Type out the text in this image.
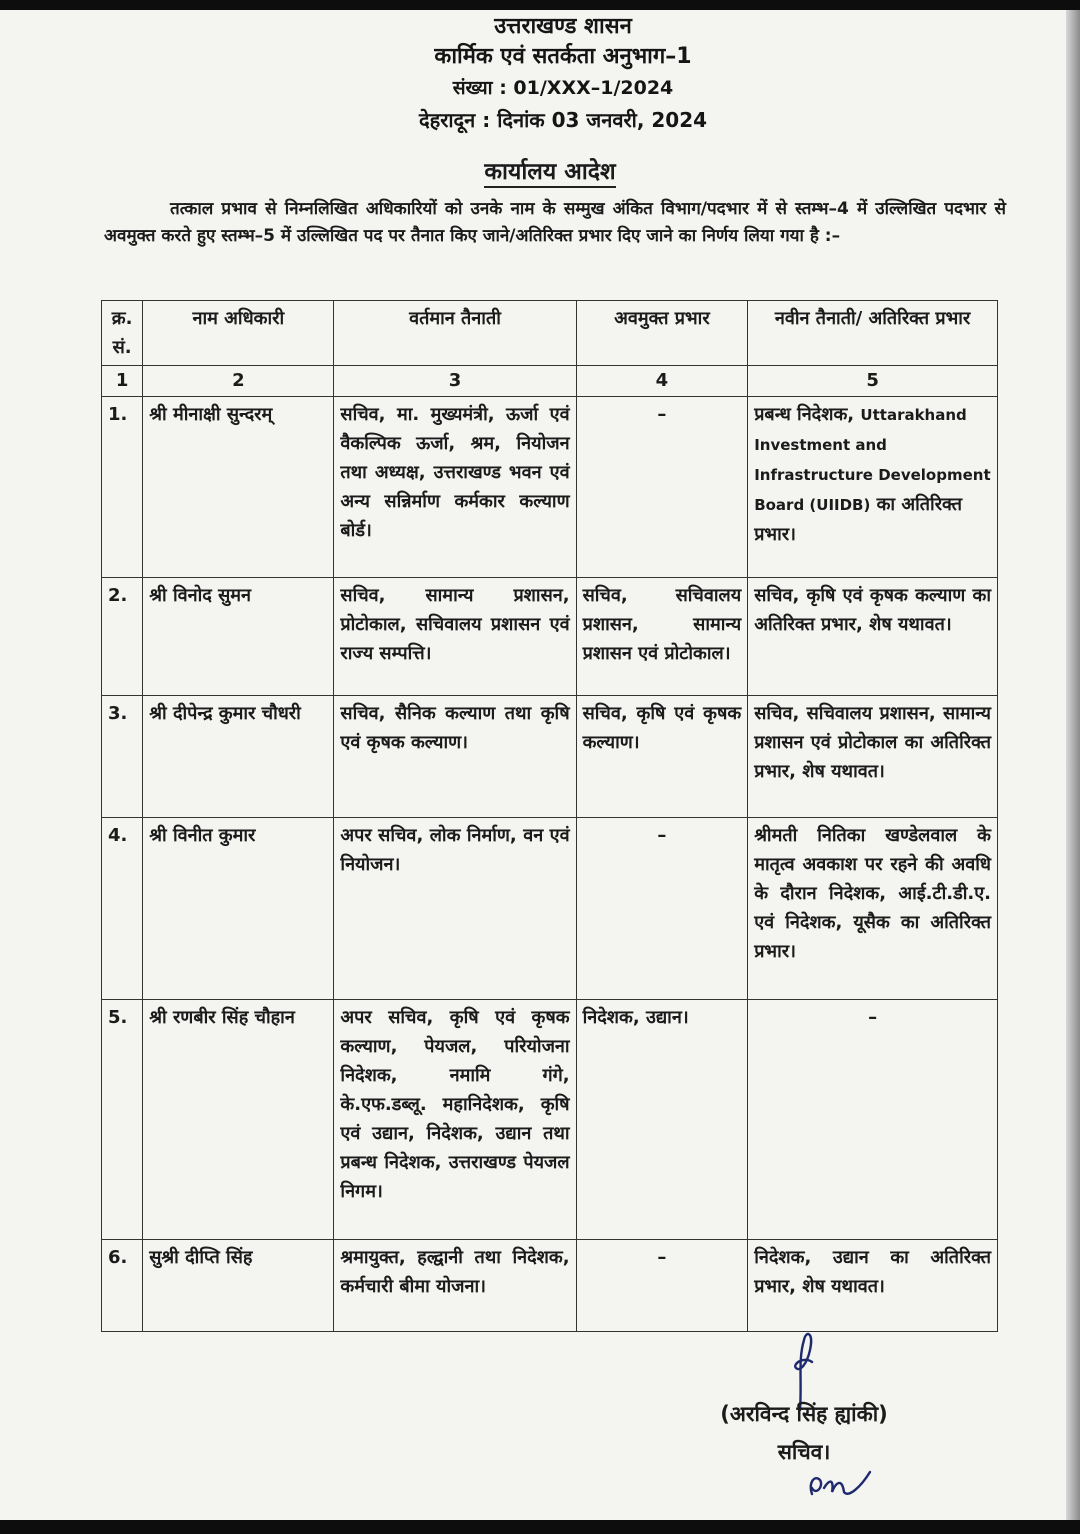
उत्तराखण्ड शासन
कार्मिक एवं सतर्कता अनुभाग–1
संख्या : 01/XXX–1/2024
देहरादून : दिनांक 03 जनवरी, 2024
कार्यालय आदेश
तत्काल प्रभाव से निम्नलिखित अधिकारियों को उनके नाम के सम्मुख अंकित विभाग/पदभार में से स्तम्भ–4 में उल्लिखित पदभार से अवमुक्त करते हुए स्तम्भ–5 में उल्लिखित पद पर तैनात किए जाने/अतिरिक्त प्रभार दिए जाने का निर्णय लिया गया है :–
क्र. सं.	नाम अधिकारी	वर्तमान तैनाती	अवमुक्त प्रभार	नवीन तैनाती/ अतिरिक्त प्रभार
1	2	3	4	5
1.	श्री मीनाक्षी सुन्दरम्	सचिव, मा. मुख्यमंत्री, ऊर्जा एवं वैकल्पिक ऊर्जा, श्रम, नियोजन तथा अध्यक्ष, उत्तराखण्ड भवन एवं अन्य सन्निर्माण कर्मकार कल्याण बोर्ड।	–	प्रबन्ध निदेशक, Uttarakhand Investment and Infrastructure Development Board (UIIDB) का अतिरिक्त प्रभार।
2.	श्री विनोद सुमन	सचिव, सामान्य प्रशासन, प्रोटोकाल, सचिवालय प्रशासन एवं राज्य सम्पत्ति।	सचिव, सचिवालय प्रशासन, सामान्य प्रशासन एवं प्रोटोकाल।	सचिव, कृषि एवं कृषक कल्याण का अतिरिक्त प्रभार, शेष यथावत।
3.	श्री दीपेन्द्र कुमार चौधरी	सचिव, सैनिक कल्याण तथा कृषि एवं कृषक कल्याण।	सचिव, कृषि एवं कृषक कल्याण।	सचिव, सचिवालय प्रशासन, सामान्य प्रशासन एवं प्रोटोकाल का अतिरिक्त प्रभार, शेष यथावत।
4.	श्री विनीत कुमार	अपर सचिव, लोक निर्माण, वन एवं नियोजन।	–	श्रीमती नितिका खण्डेलवाल के मातृत्व अवकाश पर रहने की अवधि के दौरान निदेशक, आई.टी.डी.ए. एवं निदेशक, यूसैक का अतिरिक्त प्रभार।
5.	श्री रणबीर सिंह चौहान	अपर सचिव, कृषि एवं कृषक कल्याण, पेयजल, परियोजना निदेशक, नमामि गंगे, के.एफ.डब्लू. महानिदेशक, कृषि एवं उद्यान, निदेशक, उद्यान तथा प्रबन्ध निदेशक, उत्तराखण्ड पेयजल निगम।	निदेशक, उद्यान।	–
6.	सुश्री दीप्ति सिंह	श्रमायुक्त, हल्द्वानी तथा निदेशक, कर्मचारी बीमा योजना।	–	निदेशक, उद्यान का अतिरिक्त प्रभार, शेष यथावत।
(अरविन्द सिंह ह्यांकी)
सचिव।
